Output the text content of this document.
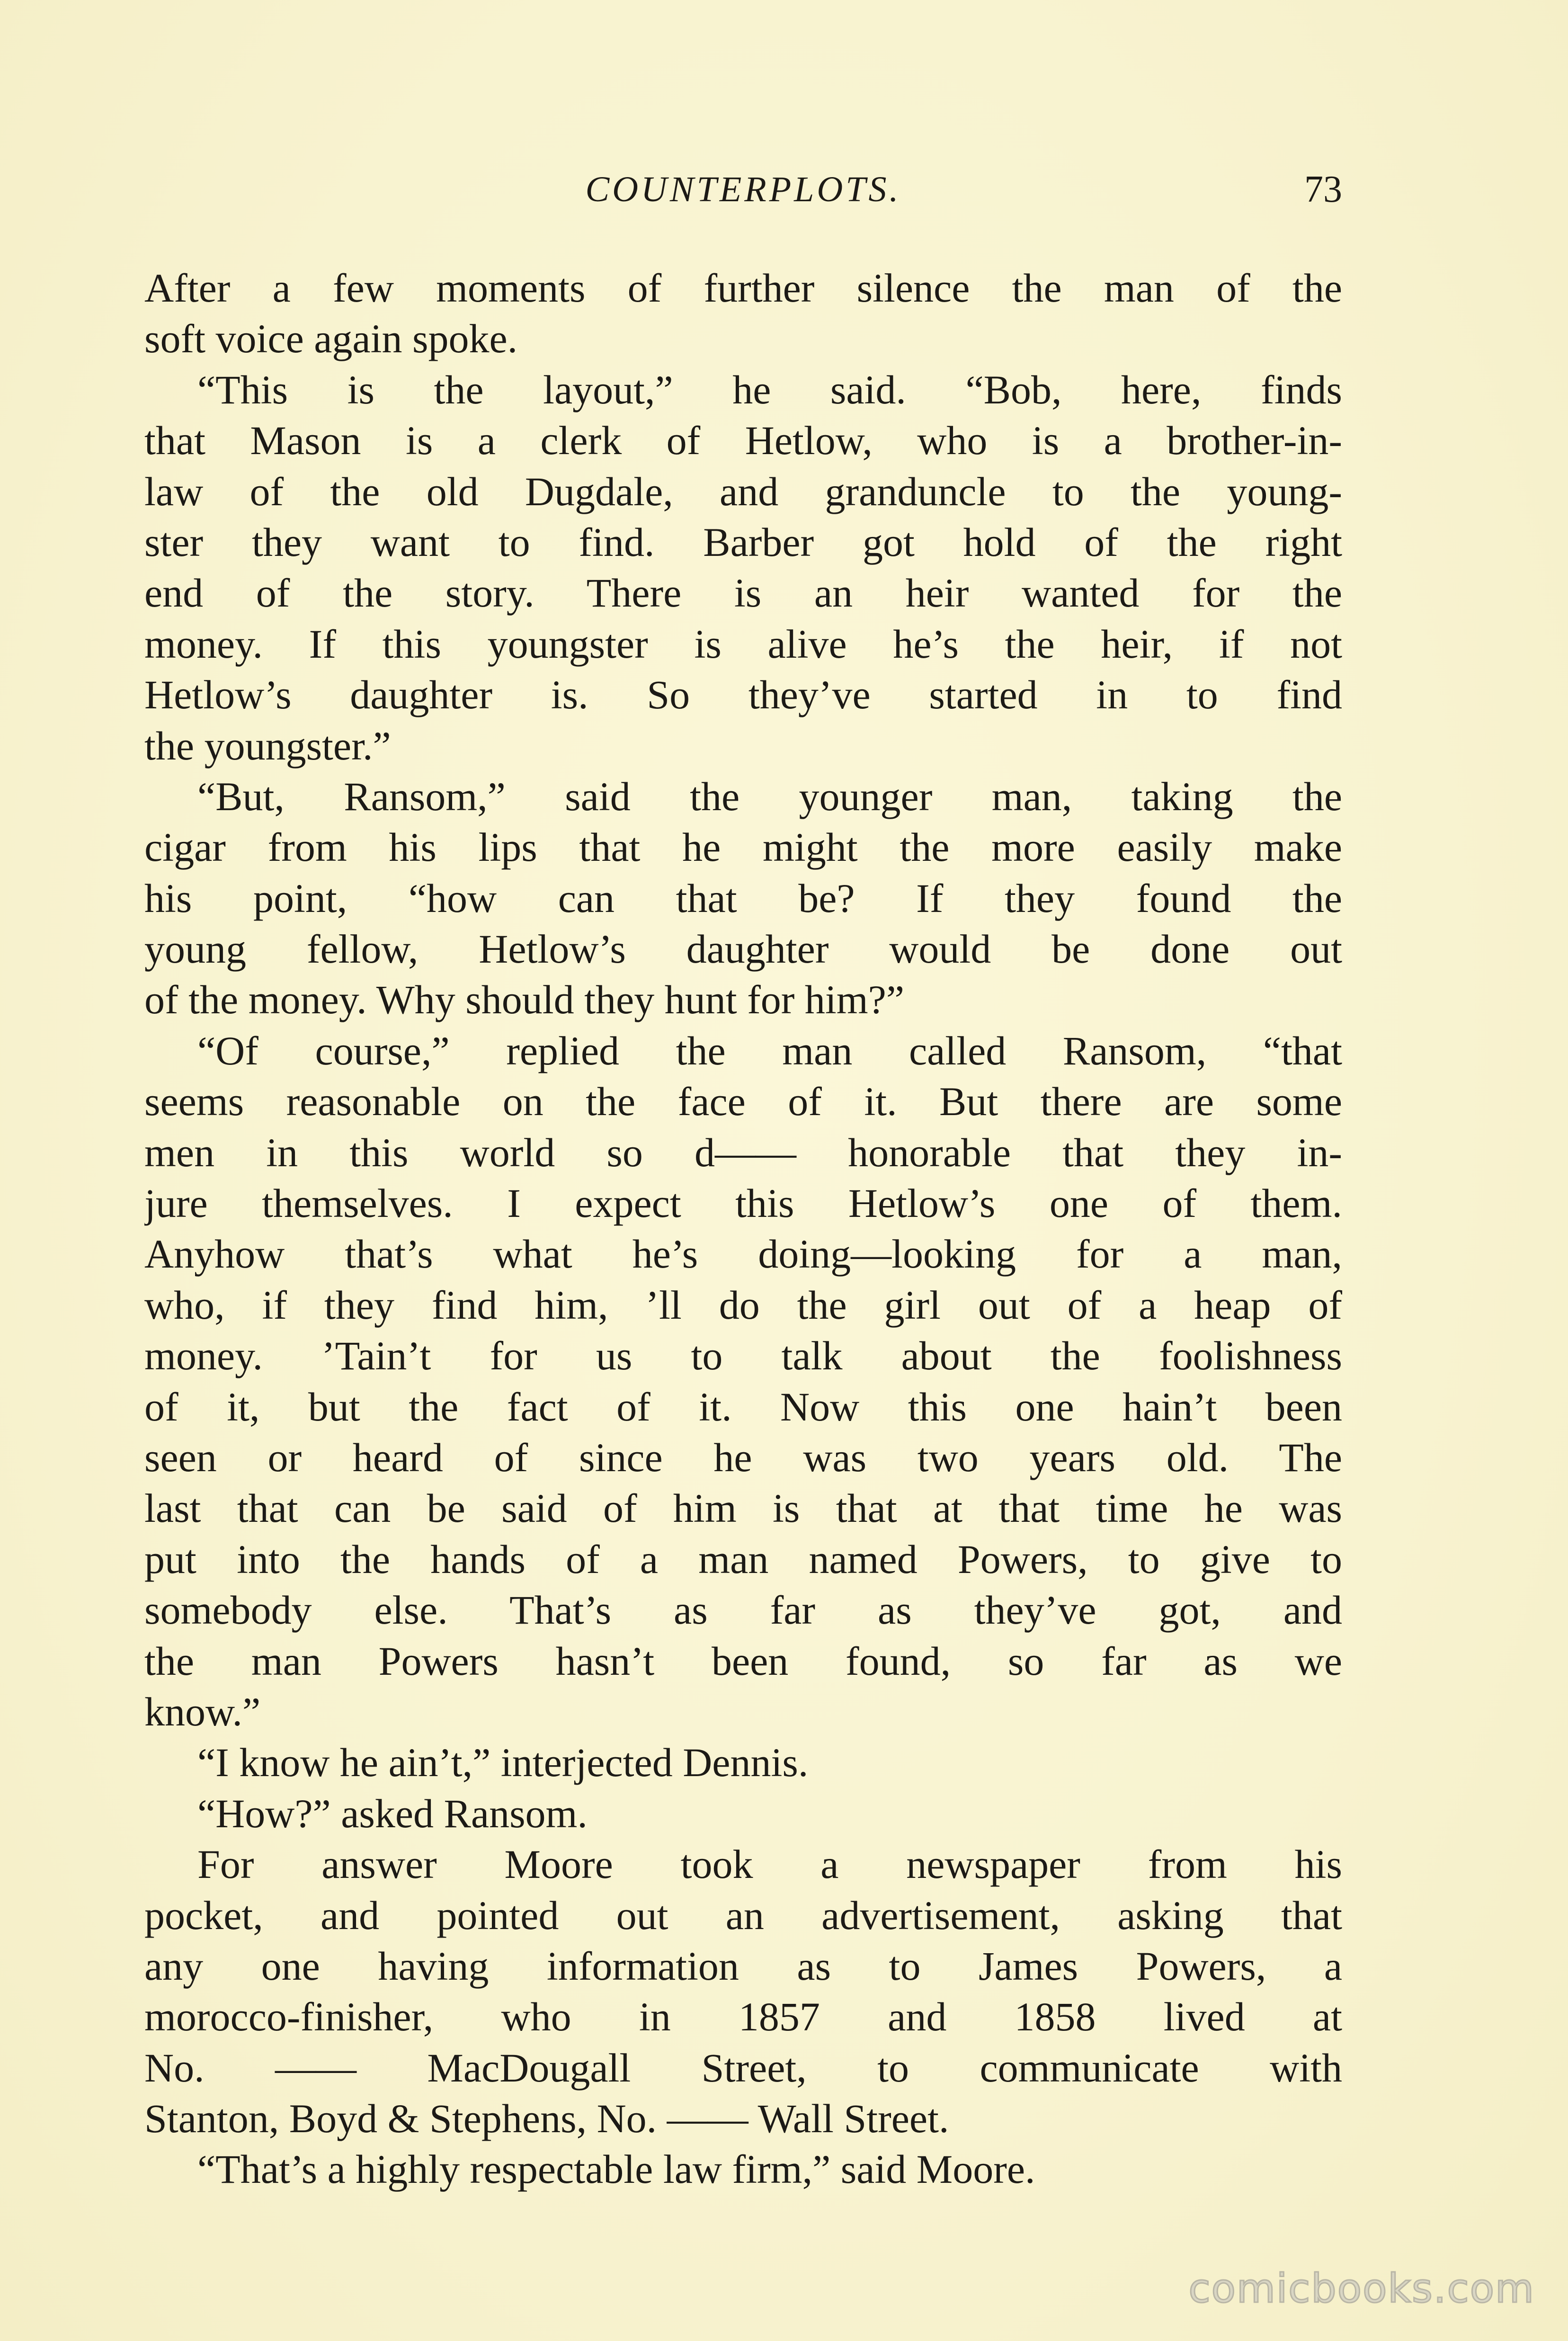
COUNTERPLOTS.	73
After a few moments of further silence the man of the
soft voice again spoke.
“This is the layout,” he said. “Bob, here, finds
that Mason is a clerk of Hetlow, who is a brother-in-
law of the old Dugdale, and granduncle to the young-
ster they want to find. Barber got hold of the right
end of the story. There is an heir wanted for the
money. If this youngster is alive he’s the heir, if not
Hetlow’s daughter is. So they’ve started in to find
the youngster.”
“But, Ransom,” said the younger man, taking the
cigar from his lips that he might the more easily make
his point, “how can that be? If they found the
young fellow, Hetlow’s daughter would be done out
of the money. Why should they hunt for him?”
“Of course,” replied the man called Ransom, “that
seems reasonable on the face of it. But there are some
men in this world so d—— honorable that they in-
jure themselves. I expect this Hetlow’s one of them.
Anyhow that’s what he’s doing—looking for a man,
who, if they find him, ’ll do the girl out of a heap of
money. ’Tain’t for us to talk about the foolishness
of it, but the fact of it. Now this one hain’t been
seen or heard of since he was two years old. The
last that can be said of him is that at that time he was
put into the hands of a man named Powers, to give to
somebody else. That’s as far as they’ve got, and
the man Powers hasn’t been found, so far as we
know.”
“I know he ain’t,” interjected Dennis.
“How?” asked Ransom.
For answer Moore took a newspaper from his
pocket, and pointed out an advertisement, asking that
any one having information as to James Powers, a
morocco-finisher, who in 1857 and 1858 lived at
No. —— MacDougall Street, to communicate with
Stanton, Boyd & Stephens, No. —— Wall Street.
“That’s a highly respectable law firm,” said Moore.
comicbooks.com
